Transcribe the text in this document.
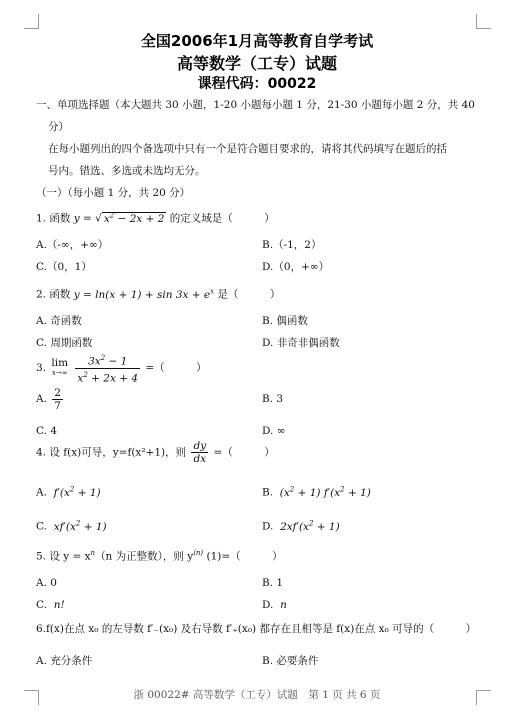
全国2006年1月高等教育自学考试
高等数学（工专）试题
课程代码：00022
一、单项选择题（本大题共 30 小题，1-20 小题每小题 1 分，21-30 小题每小题 2 分，共 40
分）
在每小题列出的四个备选项中只有一个是符合题目要求的，请将其代码填写在题后的括
号内。错选、多选或未选均无分。
（一）（每小题 1 分，共 20 分）
1. 函数 y = √ $x^2 - 2x + 2$ 的定义域是（　　　）
A.（-∞，+∞）	B.（-1，2）
C.（0，1）	D.（0，+∞）
2. 函数 $y = \ln(x + 1) + \sin 3x + e^x$ 是（　　　）
A. 奇函数	B. 偶函数
C. 周期函数	D. 非奇非偶函数
3. lim
x→∞
$\frac{3x^2 - 1}{x^2 + 2x + 4}$ =（　　　）
A. $\frac{2}{7}$	B. 3
C. 4	D. ∞
4. 设 f(x)可导，y=f(x²+1)，则 $\frac{dy}{dx}$ =（　　　）
A. $f'(x^2 + 1)$	B. $(x^2 + 1) f'(x^2 + 1)$
C. $xf'(x^2 + 1)$	D. $2xf'(x^2 + 1)$
5. 设 $y = x^n(n$ 为正整数），则 $y^{(n)}$ (1)=（　　　）
A. 0	B. 1
C. n!	D. n
6.f(x)在点 x₀ 的左导数 f′₋(x₀) 及右导数 f′₊(x₀) 都存在且相等是 f(x)在点 x₀ 可导的（　　　）
A. 充分条件	B. 必要条件
浙 00022# 高等数学（工专）试题　第 1 页 共 6 页
